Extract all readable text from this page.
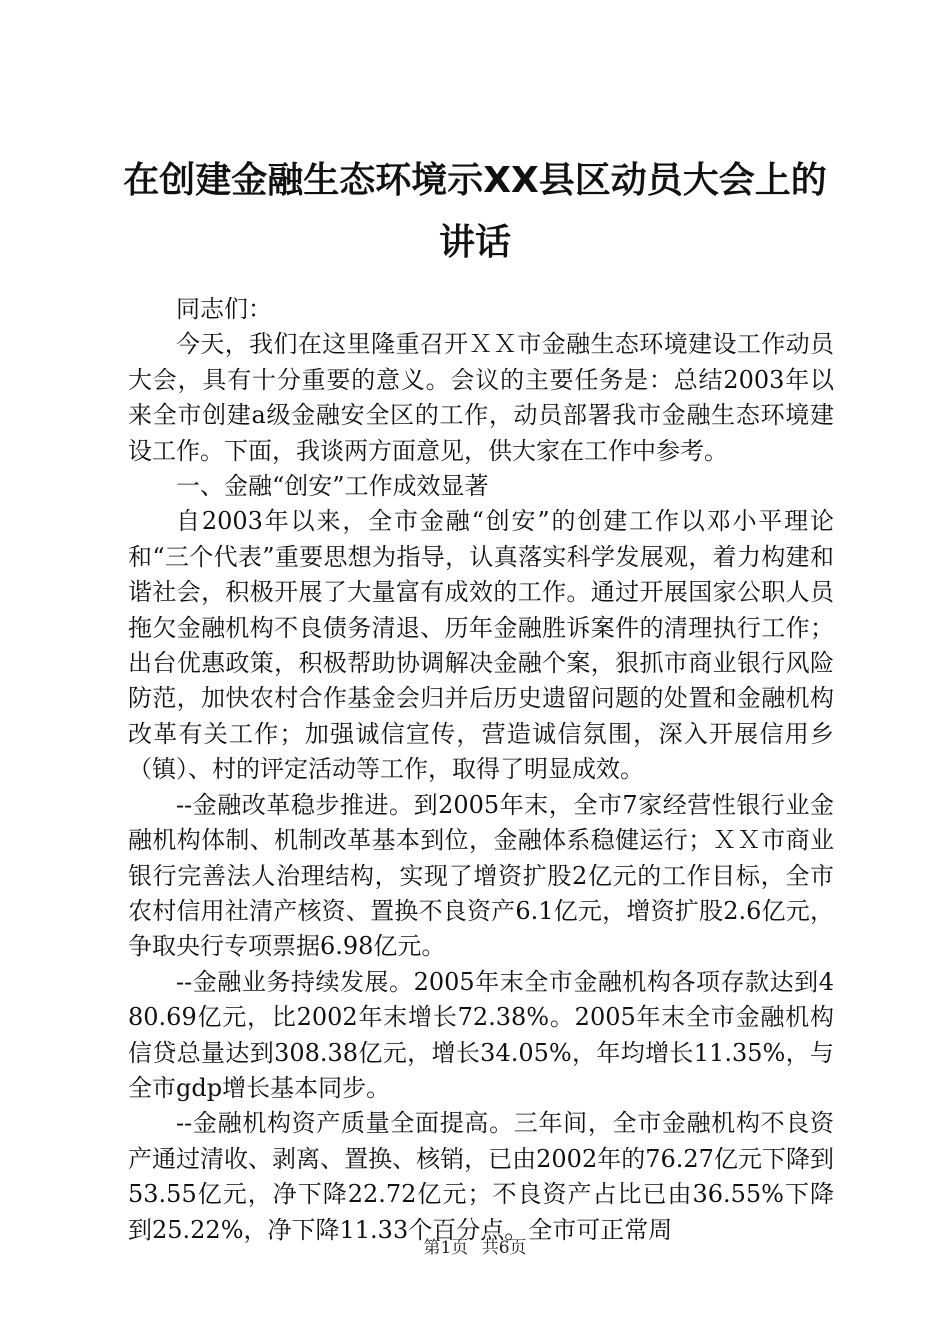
在创建金融生态环境示XX县区动员大会上的
讲话

同志们：

今天，我们在这里隆重召开ＸＸ市金融生态环境建设工作动员大会，具有十分重要的意义。会议的主要任务是：总结2003年以来全市创建a级金融安全区的工作，动员部署我市金融生态环境建设工作。下面，我谈两方面意见，供大家在工作中参考。

一、金融“创安”工作成效显著

自2003年以来，全市金融“创安”的创建工作以邓小平理论和“三个代表”重要思想为指导，认真落实科学发展观，着力构建和谐社会，积极开展了大量富有成效的工作。通过开展国家公职人员拖欠金融机构不良债务清退、历年金融胜诉案件的清理执行工作；出台优惠政策，积极帮助协调解决金融个案，狠抓市商业银行风险防范，加快农村合作基金会归并后历史遗留问题的处置和金融机构改革有关工作；加强诚信宣传，营造诚信氛围，深入开展信用乡（镇）、村的评定活动等工作，取得了明显成效。

--金融改革稳步推进。到2005年末，全市7家经营性银行业金融机构体制、机制改革基本到位，金融体系稳健运行；ＸＸ市商业银行完善法人治理结构，实现了增资扩股2亿元的工作目标，全市农村信用社清产核资、置换不良资产6.1亿元，增资扩股2.6亿元，争取央行专项票据6.98亿元。

--金融业务持续发展。2005年末全市金融机构各项存款达到480.69亿元，比2002年末增长72.38%。2005年末全市金融机构信贷总量达到308.38亿元，增长34.05%，年均增长11.35%，与全市gdp增长基本同步。

--金融机构资产质量全面提高。三年间，全市金融机构不良资产通过清收、剥离、置换、核销，已由2002年的76.27亿元下降到53.55亿元，净下降22.72亿元；不良资产占比已由36.55%下降到25.22%，净下降11.33个百分点。全市可正常周

第1页 共6页
